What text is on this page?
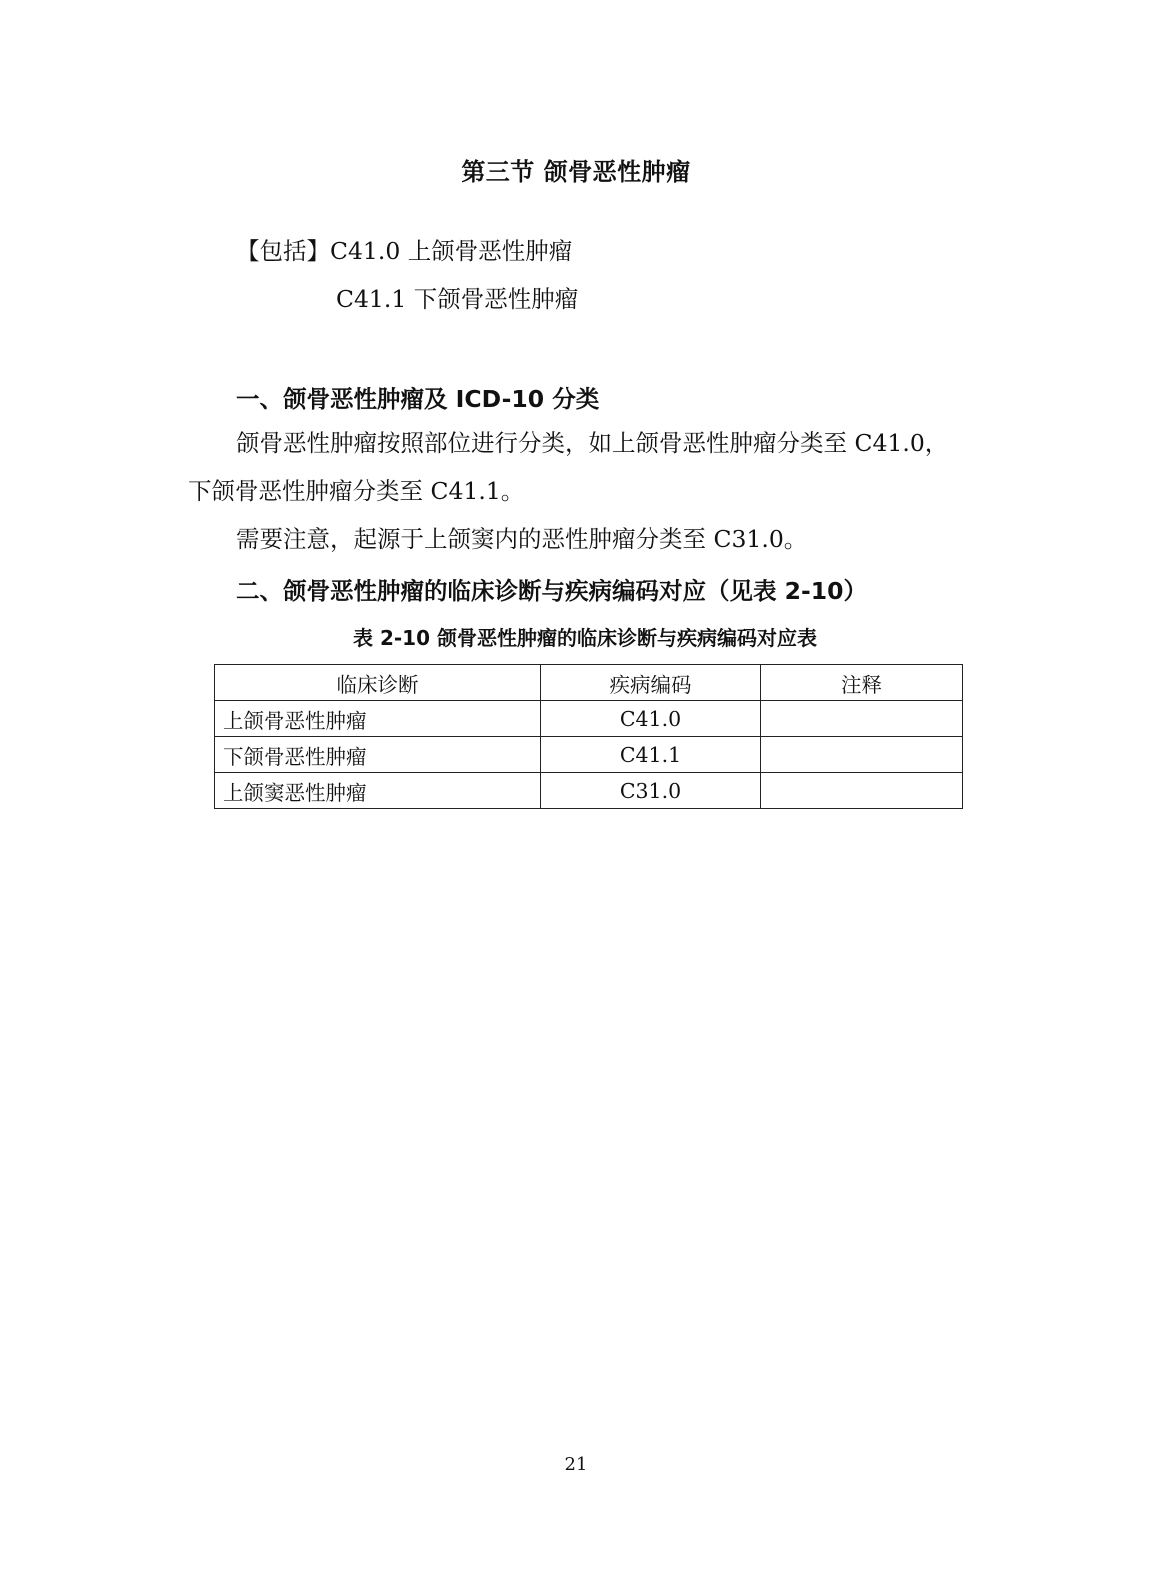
第三节 颌骨恶性肿瘤
【包括】C41.0 上颌骨恶性肿瘤
C41.1 下颌骨恶性肿瘤
一、颌骨恶性肿瘤及 ICD-10 分类
颌骨恶性肿瘤按照部位进行分类，如上颌骨恶性肿瘤分类至 C41.0，
下颌骨恶性肿瘤分类至 C41.1。
需要注意，起源于上颌窦内的恶性肿瘤分类至 C31.0。
二、颌骨恶性肿瘤的临床诊断与疾病编码对应（见表 2-10）
表 2-10 颌骨恶性肿瘤的临床诊断与疾病编码对应表
临床诊断	疾病编码	注释
上颌骨恶性肿瘤	C41.0	
下颌骨恶性肿瘤	C41.1	
上颌窦恶性肿瘤	C31.0	
21
